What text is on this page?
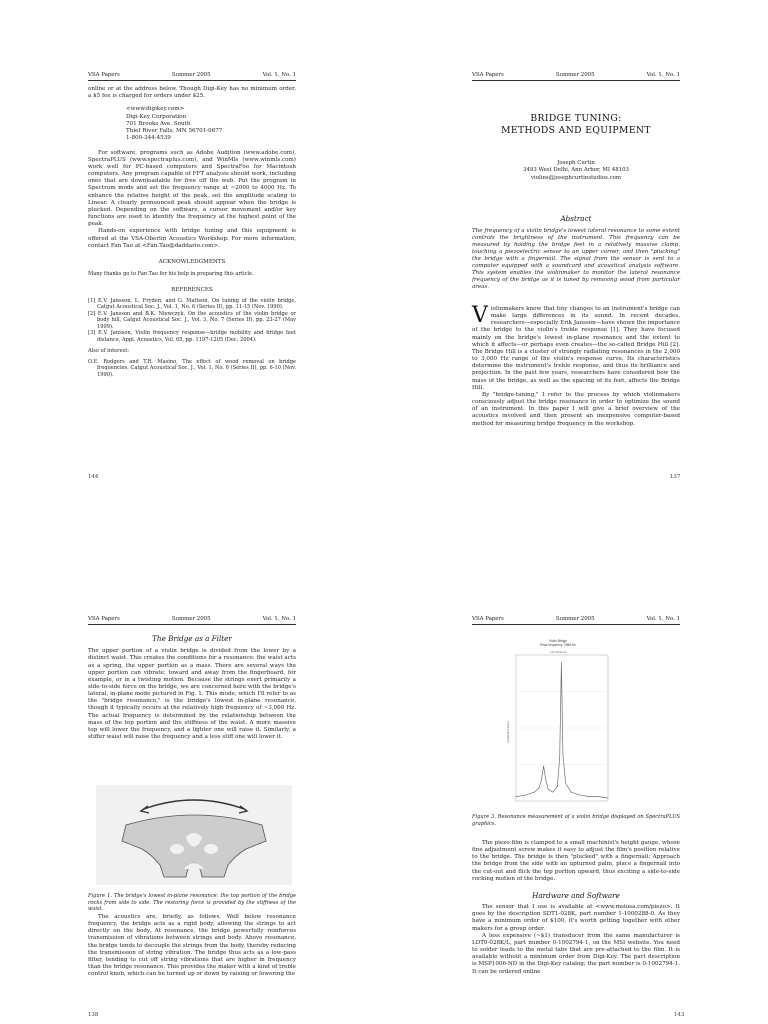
VSA Papers	Summer 2005	Vol. 1, No. 1

online or at the address below. Though Digi-Key has no minimum order, a $5 fee is charged for orders under $25.

<www.digikey.com>

Digi-Key Corporation

701 Brooks Ave. South

Thief River Falls, MN 56701-0677

1-800-344-4539

For software, programs such as Adobe Audition (www.adobe.com), SpectraPLUS (www.spectraplus.com), and WinMls (www.winmls.com) work well for PC-based computers and SpectraFoo for Macintosh computers. Any program capable of FFT analysis should work, including ones that are downloadable for free off the web. Put the program in Spectrum mode and set the frequency range at ~2000 to 4000 Hz. To enhance the relative height of the peak, set the amplitude scaling to Linear. A clearly pronounced peak should appear when the bridge is plucked. Depending on the software, a cursor movement and/or key functions are used to identify the frequency at the highest point of the peak.

Hands-on experience with bridge tuning and this equipment is offered at the VSA-Oberlin Acoustics Workshop. For more information, contact Fan Tao at <Fan.Tao@daddario.com>.

ACKNOWLEDGMENTS

Many thanks go to Fan Tao for his help in preparing this article.

REFERENCES

[1] E.V. Jansson, L. Fryden, and G. Mattson, On tuning of the violin bridge, Catgut Acoustical Soc. J., Vol. 1, No. 6 (Series II), pp. 11-15 (Nov. 1990).

[2] E.V. Jansson and B.K. Niewczyk, On the acoustics of the violin bridge or body hill, Catgut Acoustical Soc. J., Vol. 3, No. 7 (Series II), pp. 23-27 (May 1999).

[3] E.V. Jansson, Violin frequency response—bridge mobility and bridge feet distance, Appl. Acoustics, Vol. 65, pp. 1197-1205 (Dec. 2004).

Also of interest:

O.E. Rodgers and T.R. Masino, The effect of wood removal on bridge frequencies, Catgut Acoustical Soc. J., Vol. 1, No. 6 (Series II), pp. 6-10 (Nov. 1990).

144
VSA Papers	Summer 2005	Vol. 1, No. 1
BRIDGE TUNING:
METHODS AND EQUIPMENT

Joseph Curtin

3493 West Delhi, Ann Arbor, MI 48103

violins@josephcurtinstudios.com

Abstract

The frequency of a violin bridge's lowest lateral resonance to some extent controls the brightness of the instrument. This frequency can be measured by holding the bridge feet in a relatively massive clamp, touching a piezoelectric sensor to an upper corner, and then "plucking" the bridge with a fingernail. The signal from the sensor is sent to a computer equipped with a soundcard and acoustical analysis software. This system enables the violinmaker to monitor the lateral resonance frequency of the bridge as it is tuned by removing wood from particular areas.

Violinmakers know that tiny changes to an instrument's bridge can make large differences in its sound. In recent decades, researchers—especially Erik Jansson—have shown the importance of the bridge to the violin's treble response [1]. They have focused mainly on the bridge's lowest in-plane resonance and the extent to which it affects—or perhaps even creates—the so-called Bridge Hill [2]. The Bridge Hill is a cluster of strongly radiating resonances in the 2,000 to 3,000 Hz range of the violin's response curve. Its characteristics determine the instrument's treble response, and thus its brilliance and projection. In the past few years, researchers have considered how the mass of the bridge, as well as the spacing of its feet, affects the Bridge Hill.

By "bridge-tuning," I refer to the process by which violinmakers consciously adjust the bridge resonance in order to optimize the sound of an instrument. In this paper I will give a brief overview of the acoustics involved and then present an inexpensive computer-based method for measuring bridge frequency in the workshop.

137
VSA Papers	Summer 2005	Vol. 1, No. 1

The Bridge as a Filter

The upper portion of a violin bridge is divided from the lower by a distinct waist. This creates the conditions for a resonance: the waist acts as a spring, the upper portion as a mass. There are several ways the upper portion can vibrate: toward and away from the fingerboard, for example, or in a twisting motion. Because the strings exert primarily a side-to-side force on the bridge, we are concerned here with the bridge's lateral, in-plane mode pictured in Fig. 1. This mode, which I'll refer to as the "bridge resonance," is the bridge's lowest in-plane resonance, though it typically occurs at the relatively high frequency of ~3,000 Hz. The actual frequency is determined by the relationship between the mass of the top portion and the stiffness of the waist. A more massive top will lower the frequency, and a lighter one will raise it. Similarly, a stiffer waist will raise the frequency and a less stiff one will lower it.

Figure 1. The bridge's lowest in-plane resonance: the top portion of the bridge rocks from side to side. The restoring force is provided by the stiffness of the waist.

The acoustics are, briefly, as follows. Well below resonance frequency, the bridge acts as a rigid body, allowing the strings to act directly on the body. At resonance, the bridge powerfully reinforces transmission of vibrations between strings and body. Above resonance, the bridge tends to decouple the strings from the body, thereby reducing the transmission of string vibration. The bridge thus acts as a low-pass filter, tending to cut off string vibrations that are higher in frequency than the bridge resonance. This provides the maker with a kind of treble control knob, which can be turned up or down by raising or lowering the

138
VSA Papers	Summer 2005	Vol. 1, No. 1

Figure 3. Resonance measurement of a violin bridge displayed on SpectraPLUS graphics.

The piezo film is clamped to a small machinist's height gauge, whose fine adjustment screw makes it easy to adjust the film's position relative to the bridge. The bridge is then "plucked" with a fingernail: Approach the bridge from the side with an upturned palm, place a fingernail into the cut-out and flick the top portion upward, thus exciting a side-to-side rocking motion of the bridge.

Hardware and Software

The sensor that I use is available at <www.msiusa.com/piezo>. It goes by the description SDT1-028K, part number 1-1000288-0. As they have a minimum order of $100, it's worth getting together with other makers for a group order.

A less expensive (~$1) transducer from the same manufacturer is LDT0-028K/L, part number 0-1002794-1, on the MSI website. You need to solder leads to the metal tabs that are pre-attached to the film. It is available without a minimum order from Digi-Key. The part description is MSP1006-ND in the Digi-Key catalog; the part number is 0-1002794-1. It can be ordered online

143
Violin Bridge
Peak frequency: 2986 Hz
Left Channel
Amplitude (Linear)
